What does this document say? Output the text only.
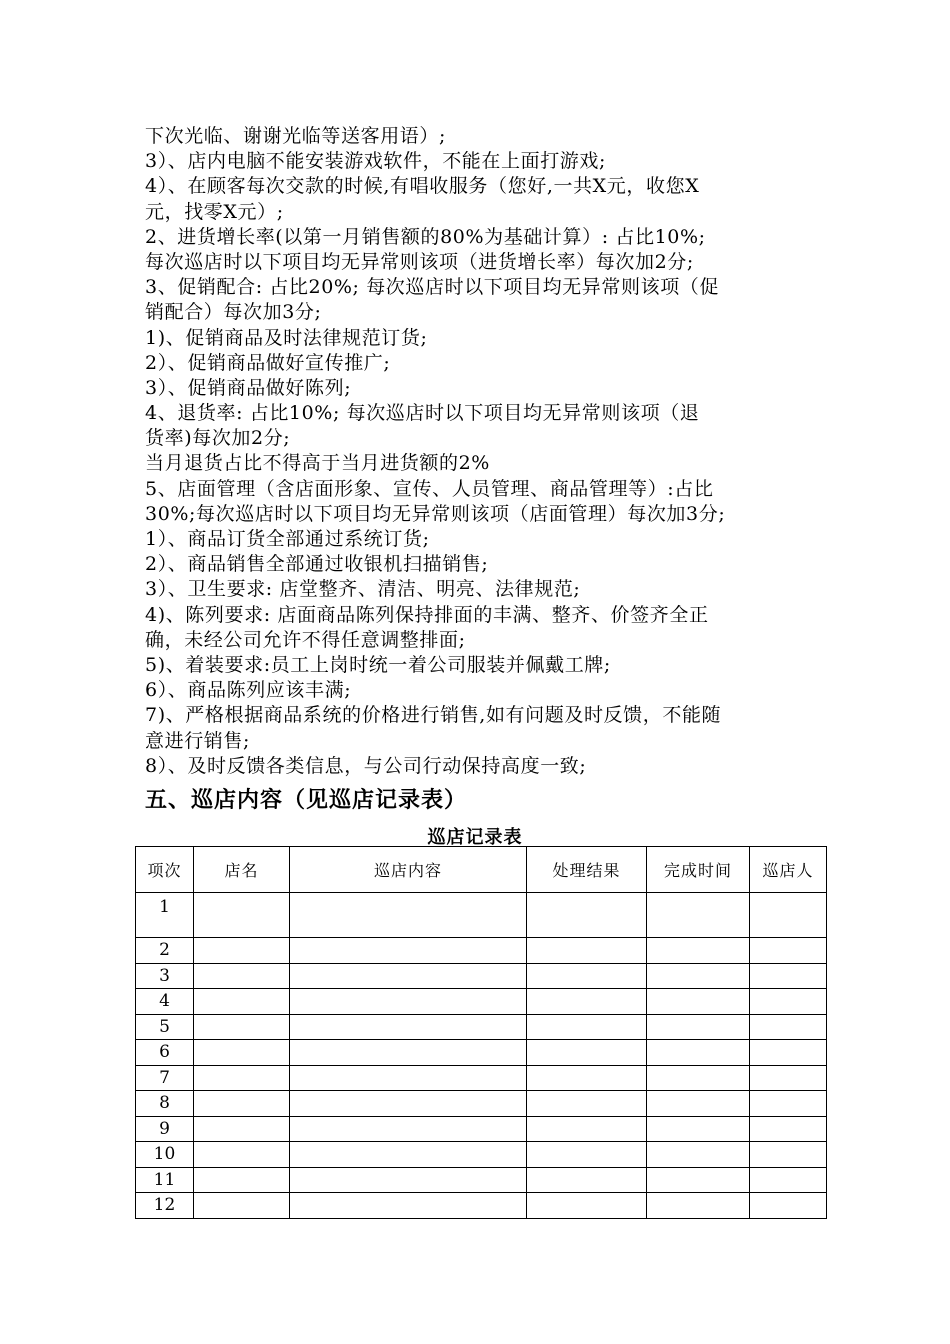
下次光临、谢谢光临等送客用语）;
3）、店内电脑不能安装游戏软件，不能在上面打游戏;
4）、在顾客每次交款的时候,有唱收服务（您好,一共X元，收您X
元，找零X元）;
2、进货增长率(以第一月销售额的80%为基础计算）: 占比10%;
每次巡店时以下项目均无异常则该项（进货增长率）每次加2分;
3、促销配合: 占比20%; 每次巡店时以下项目均无异常则该项（促
销配合）每次加3分;
1)、促销商品及时法律规范订货;
2）、促销商品做好宣传推广;
3）、促销商品做好陈列;
4、退货率: 占比10%; 每次巡店时以下项目均无异常则该项（退
货率)每次加2分;
当月退货占比不得高于当月进货额的2%
5、店面管理（含店面形象、宣传、人员管理、商品管理等）:占比
30%;每次巡店时以下项目均无异常则该项（店面管理）每次加3分;
1）、商品订货全部通过系统订货;
2）、商品销售全部通过收银机扫描销售;
3）、卫生要求: 店堂整齐、清洁、明亮、法律规范;
4)、陈列要求: 店面商品陈列保持排面的丰满、整齐、价签齐全正
确，未经公司允许不得任意调整排面;
5)、着装要求:员工上岗时统一着公司服装并佩戴工牌;
6）、商品陈列应该丰满;
7)、严格根据商品系统的价格进行销售,如有问题及时反馈，不能随
意进行销售;
8）、及时反馈各类信息，与公司行动保持高度一致;
五、巡店内容（见巡店记录表）
巡店记录表
项次	店名	巡店内容	处理结果	完成时间	巡店人
1					
2					
3					
4					
5					
6					
7					
8					
9					
10					
11					
12					
